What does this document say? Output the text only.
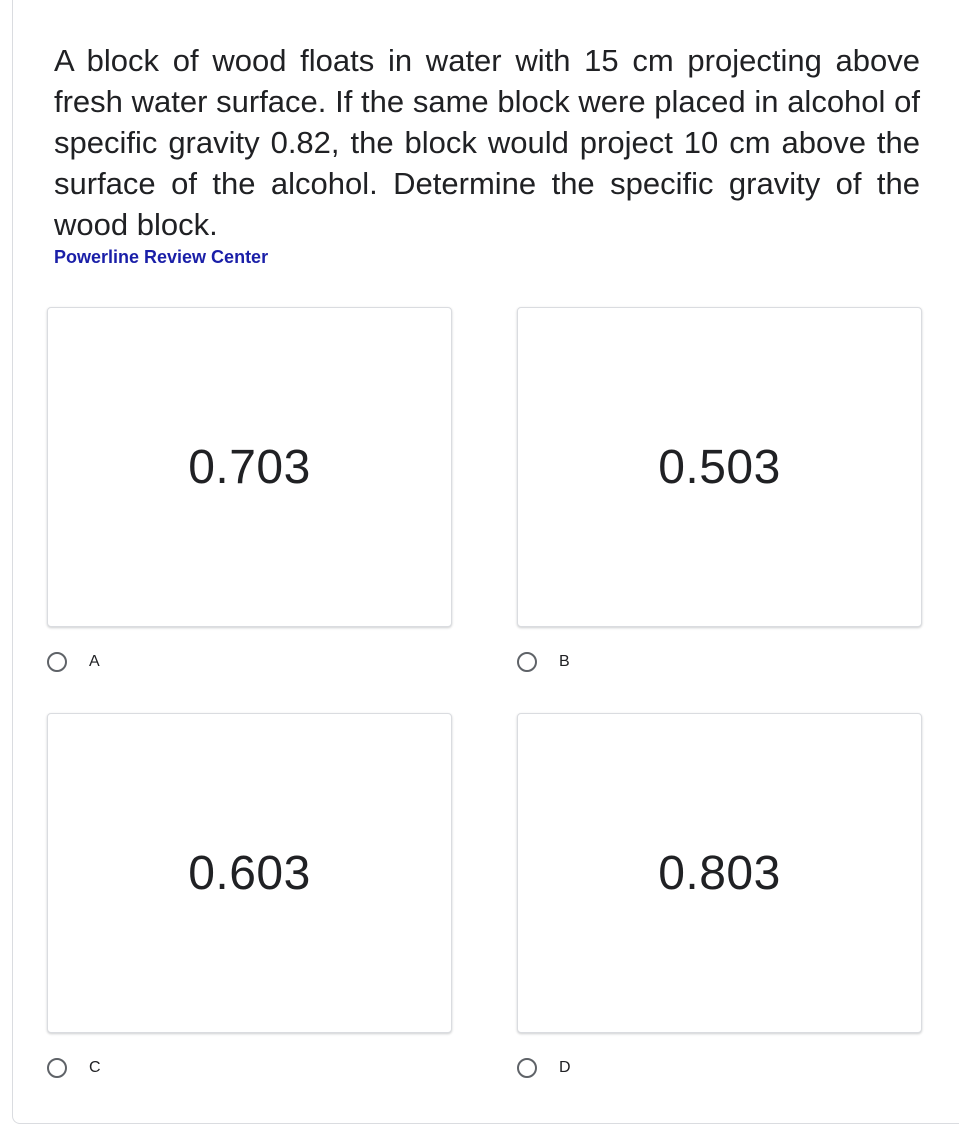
A block of wood floats in water with 15 cm projecting above fresh water surface. If the same block were placed in alcohol of specific gravity 0.82, the block would project 10 cm above the surface of the alcohol. Determine the specific gravity of the wood block.

Powerline Review Center

0.703
A
0.503
B
0.603
C
0.803
D
